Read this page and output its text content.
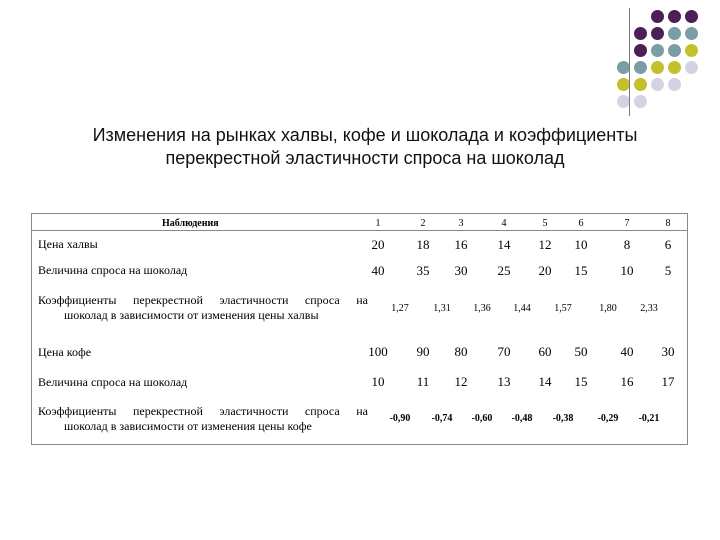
Изменения на рынках халвы, кофе и шоколада и коэффициенты
перекрестной эластичности спроса на шоколад
Наблюдения	1	2	3	4	5	6	7	8
Цена халвы	20	18	16	14	12	10	8	6
Величина спроса на шоколад	40	35	30	25	20	15	10	5
Коэффициенты перекрестной эластичности спроса на
шоколад в зависимости от изменения цены халвы	1,27	1,31	1,36	1,44	1,57	1,80	2,33
Цена кофе	100	90	80	70	60	50	40	30
Величина спроса на шоколад	10	11	12	13	14	15	16	17
Коэффициенты перекрестной эластичности спроса на
шоколад в зависимости от изменения цены кофе
-0,90	-0,74	-0,60	-0,48	-0,38	-0,29	-0,21
